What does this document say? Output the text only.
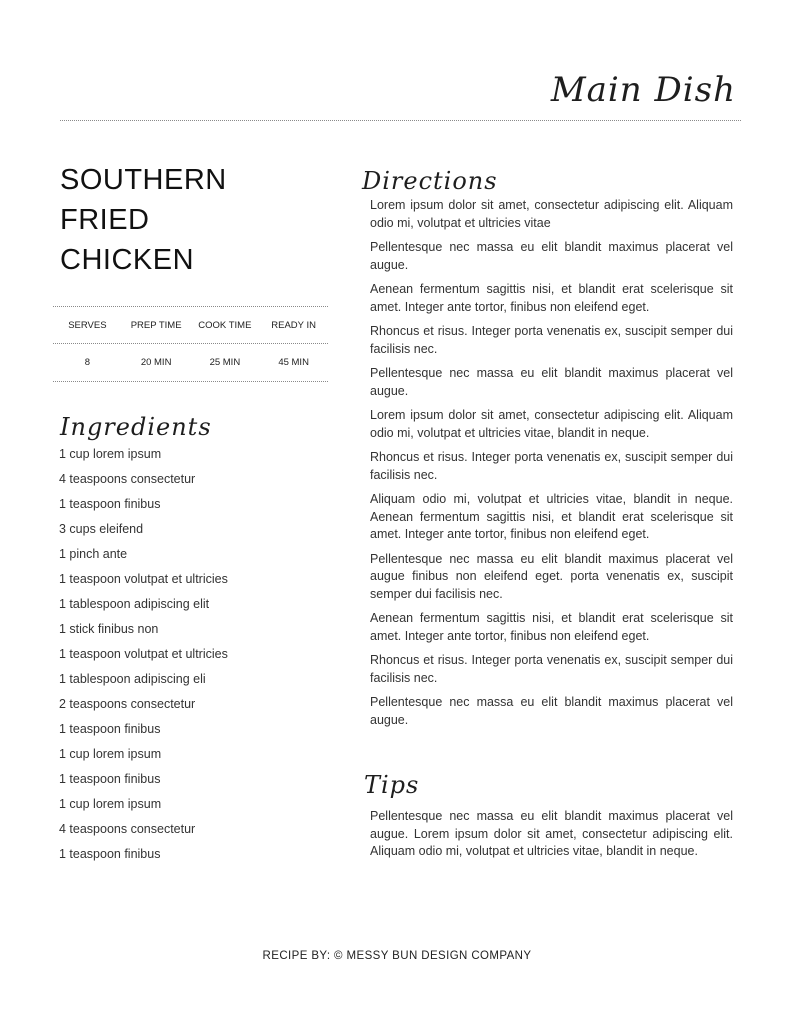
Main Dish
SOUTHERN
FRIED
CHICKEN
SERVES	PREP TIME	COOK TIME	READY IN
8	20 MIN	25 MIN	45 MIN
Ingredients
1 cup lorem ipsum
4 teaspoons consectetur
1 teaspoon finibus
3 cups eleifend
1 pinch ante
1 teaspoon volutpat et ultricies
1 tablespoon adipiscing elit
1 stick finibus non
1 teaspoon volutpat et ultricies
1 tablespoon adipiscing eli
2 teaspoons consectetur
1 teaspoon finibus
1 cup lorem ipsum
1 teaspoon finibus
1 cup lorem ipsum
4 teaspoons consectetur
1 teaspoon finibus
Directions

Lorem ipsum dolor sit amet, consectetur adipiscing elit. Aliquam odio mi, volutpat et ultricies vitae

Pellentesque nec massa eu elit blandit maximus placerat vel augue.

Aenean fermentum sagittis nisi, et blandit erat scelerisque sit amet. Integer ante tortor, finibus non eleifend eget.

Rhoncus et risus. Integer porta venenatis ex, suscipit semper dui facilisis nec.

Pellentesque nec massa eu elit blandit maximus placerat vel augue.

Lorem ipsum dolor sit amet, consectetur adipiscing elit. Aliquam odio mi, volutpat et ultricies vitae, blandit in neque.

Rhoncus et risus. Integer porta venenatis ex, suscipit semper dui facilisis nec.

Aliquam odio mi, volutpat et ultricies vitae, blandit in neque. Aenean fermentum sagittis nisi, et blandit erat scelerisque sit amet. Integer ante tortor, finibus non eleifend eget.

Pellentesque nec massa eu elit blandit maximus placerat vel augue finibus non eleifend eget. porta venenatis ex, suscipit semper dui facilisis nec.

Aenean fermentum sagittis nisi, et blandit erat scelerisque sit amet. Integer ante tortor, finibus non eleifend eget.

Rhoncus et risus. Integer porta venenatis ex, suscipit semper dui facilisis nec.

Pellentesque nec massa eu elit blandit maximus placerat vel augue.

Tips

Pellentesque nec massa eu elit blandit maximus placerat vel augue. Lorem ipsum dolor sit amet, consectetur adipiscing elit. Aliquam odio mi, volutpat et ultricies vitae, blandit in neque.

RECIPE BY: © MESSY BUN DESIGN COMPANY
